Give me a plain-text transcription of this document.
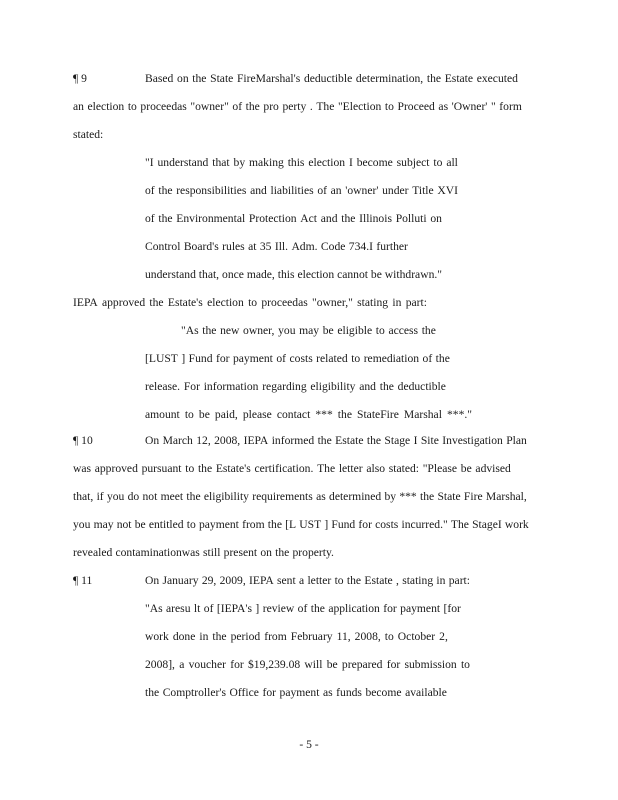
¶ 9	Based on the State FireMarshal's deductible determination, the Estate executed
an election to proceedas "owner" of the pro perty . The "Election to Proceed as 'Owner' " form
stated:
"I understand that by making this election I become subject to all
of the responsibilities and liabilities of an 'owner' under Title XVI
of the Environmental Protection Act and the Illinois Polluti on
Control Board's rules at 35 Ill. Adm. Code 734.I further
understand that, once made, this election cannot be withdrawn."
IEPA approved the Estate's election to proceedas "owner," stating in part:
"As the new owner, you may be eligible to access the
[LUST ] Fund for payment of costs related to remediation of the
release. For information regarding eligibility and the deductible
amount to be paid, please contact *** the StateFire Marshal ***."
¶ 10	On March 12, 2008, IEPA informed the Estate the Stage I Site Investigation Plan
was approved pursuant to the Estate's certification. The letter also stated: "Please be advised
that, if you do not meet the eligibility requirements as determined by *** the State Fire Marshal,
you may not be entitled to payment from the [L UST ] Fund for costs incurred." The StageI work
revealed contaminationwas still present on the property.
¶ 11	On January 29, 2009, IEPA sent a letter to the Estate , stating in part:
"As aresu lt of [IEPA's ] review of the application for payment [for
work done in the period from February 11, 2008, to October 2,
2008], a voucher for $19,239.08 will be prepared for submission to
the Comptroller's Office for payment as funds become available
- 5 -
